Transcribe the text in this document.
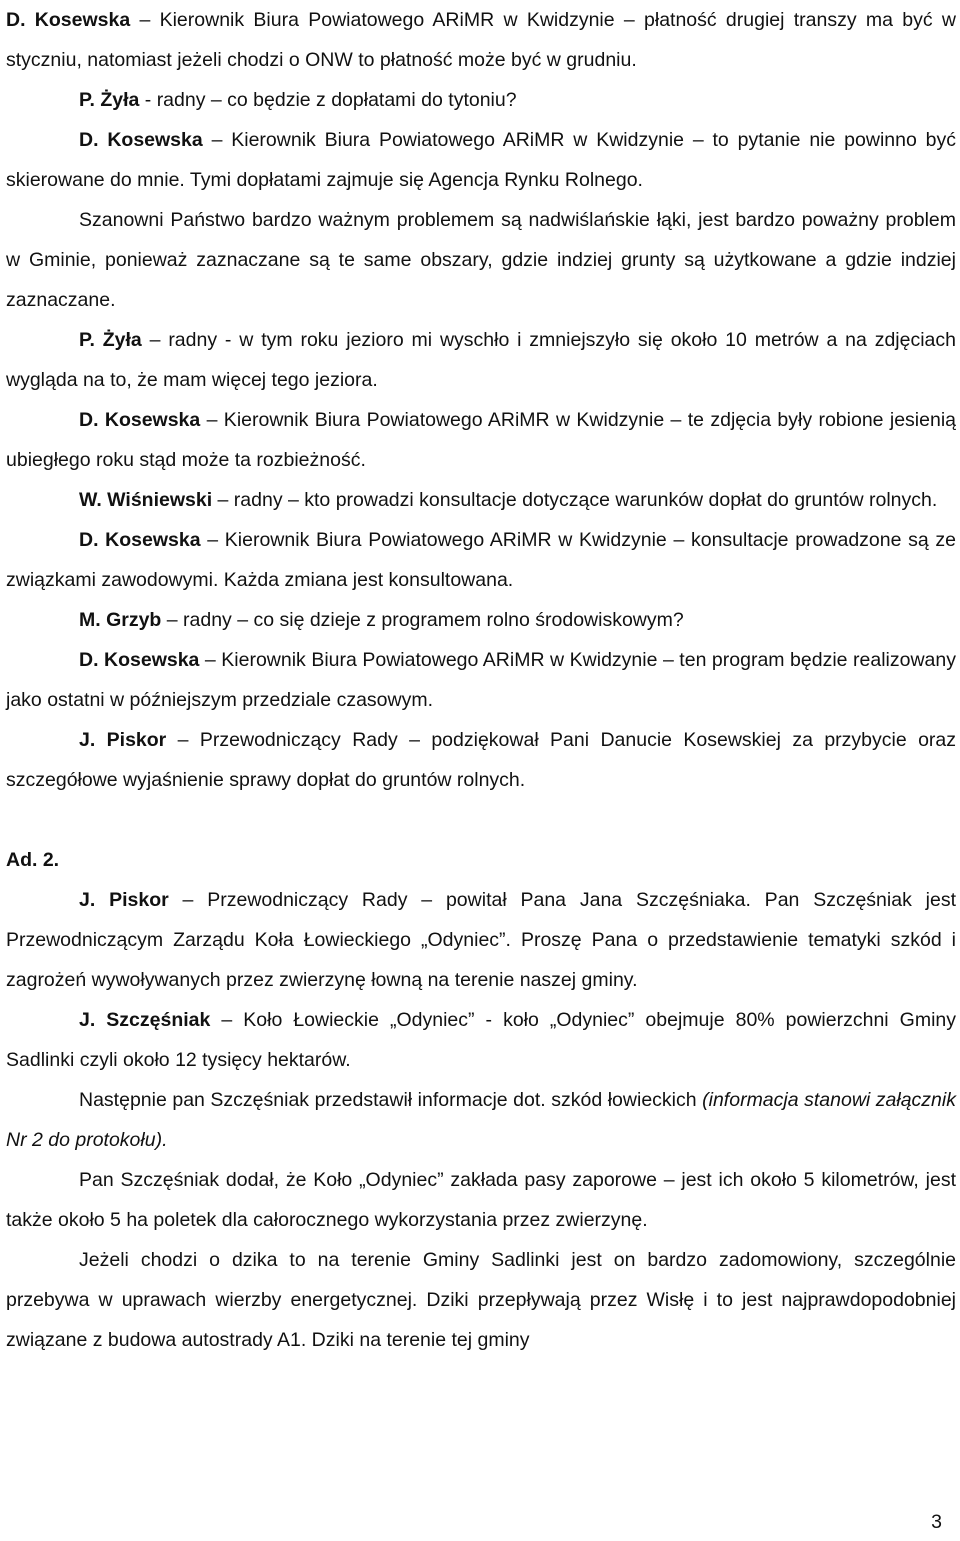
D. Kosewska – Kierownik Biura Powiatowego ARiMR w Kwidzynie – płatność drugiej transzy ma być w styczniu, natomiast jeżeli chodzi o ONW to płatność może być w grudniu.

P. Żyła - radny – co będzie z dopłatami do tytoniu?

D. Kosewska – Kierownik Biura Powiatowego ARiMR w Kwidzynie – to pytanie nie powinno być skierowane do mnie. Tymi dopłatami zajmuje się Agencja Rynku Rolnego.

Szanowni Państwo bardzo ważnym problemem są nadwiślańskie łąki, jest bardzo poważny problem w Gminie, ponieważ zaznaczane są te same obszary, gdzie indziej grunty są użytkowane a gdzie indziej zaznaczane.

P. Żyła – radny - w tym roku jezioro mi wyschło i zmniejszyło się około 10 metrów a na zdjęciach wygląda na to, że mam więcej tego jeziora.

D. Kosewska – Kierownik Biura Powiatowego ARiMR w Kwidzynie – te zdjęcia były robione jesienią ubiegłego roku stąd może ta rozbieżność.

W. Wiśniewski – radny – kto prowadzi konsultacje dotyczące warunków dopłat do gruntów rolnych.

D. Kosewska – Kierownik Biura Powiatowego ARiMR w Kwidzynie – konsultacje prowadzone są ze związkami zawodowymi. Każda zmiana jest konsultowana.

M. Grzyb – radny – co się dzieje z programem rolno środowiskowym?

D. Kosewska – Kierownik Biura Powiatowego ARiMR w Kwidzynie – ten program będzie realizowany jako ostatni w późniejszym przedziale czasowym.

J. Piskor – Przewodniczący Rady – podziękował Pani Danucie Kosewskiej za przybycie oraz szczegółowe wyjaśnienie sprawy dopłat do gruntów rolnych.

Ad. 2.

J. Piskor – Przewodniczący Rady – powitał Pana Jana Szczęśniaka. Pan Szczęśniak jest Przewodniczącym Zarządu Koła Łowieckiego „Odyniec”. Proszę Pana o przedstawienie tematyki szkód i zagrożeń wywoływanych przez zwierzynę łowną na terenie naszej gminy.

J. Szczęśniak – Koło Łowieckie „Odyniec” - koło „Odyniec” obejmuje 80% powierzchni Gminy Sadlinki czyli około 12 tysięcy hektarów.

Następnie pan Szczęśniak przedstawił informacje dot. szkód łowieckich (informacja stanowi załącznik Nr 2 do protokołu).

Pan Szczęśniak dodał, że Koło „Odyniec” zakłada pasy zaporowe – jest ich około 5 kilometrów, jest także około 5 ha poletek dla całorocznego wykorzystania przez zwierzynę.

Jeżeli chodzi o dzika to na terenie Gminy Sadlinki jest on bardzo zadomowiony, szczególnie przebywa w uprawach wierzby energetycznej. Dziki przepływają przez Wisłę i to jest najprawdopodobniej związane z budowa autostrady A1. Dziki na terenie tej gminy

3
